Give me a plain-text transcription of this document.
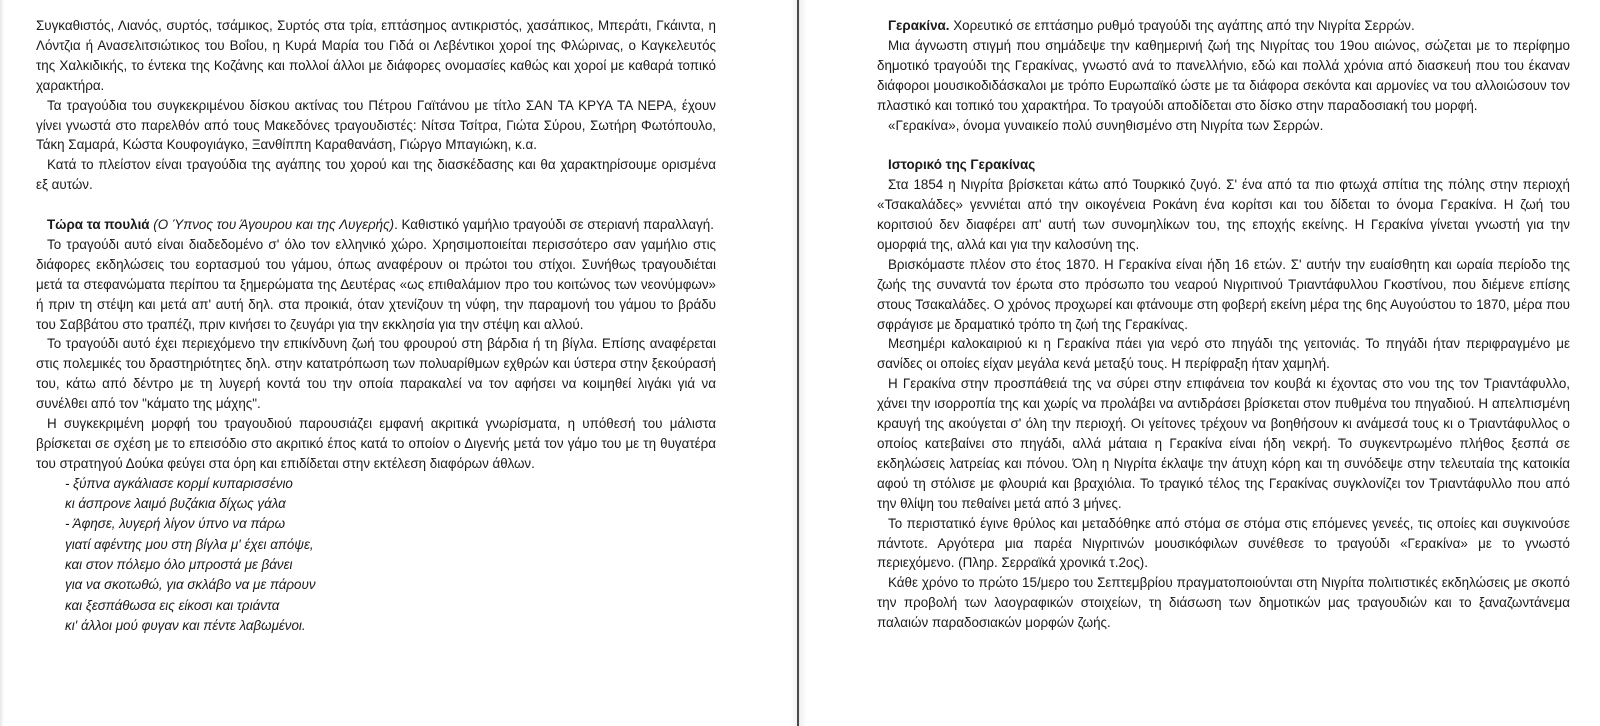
Συγκαθιστός, Λιανός, συρτός, τσάμικος, Συρτός στα τρία, επτάσημος αντικριστός, χασάπικος, Μπεράτι, Γκάιντα, η Λόντζια ή Ανασελιτσιώτικος του Βοΐου, η Κυρά Μαρία του Γιδά οι Λεβέντικοι χοροί της Φλώρινας, ο Καγκελευτός της Χαλκιδικής, το έντεκα της Κοζάνης και πολλοί άλλοι με διάφορες ονομασίες καθώς και χοροί με καθαρά τοπικό χαρακτήρα.

Τα τραγούδια του συγκεκριμένου δίσκου ακτίνας του Πέτρου Γαϊτάνου με τίτλο ΣΑΝ ΤΑ ΚΡΥΑ ΤΑ ΝΕΡΑ, έχουν γίνει γνωστά στο παρελθόν από τους Μακεδόνες τραγουδιστές: Νίτσα Τσίτρα, Γιώτα Σύρου, Σωτήρη Φωτόπουλο, Τάκη Σαμαρά, Κώστα Κουφογιάγκο, Ξανθίππη Καραθανάση, Γιώργο Μπαγιώκη, κ.α.

Κατά το πλείστον είναι τραγούδια της αγάπης του χορού και της διασκέδασης και θα χαρακτηρίσουμε ορισμένα εξ αυτών.

Τώρα τα πουλιά (Ο Ύπνος του Άγουρου και της Λυγερής). Καθιστικό γαμήλιο τραγούδι σε στεριανή παραλλαγή.

Το τραγούδι αυτό είναι διαδεδομένο σ' όλο τον ελληνικό χώρο. Χρησιμοποιείται περισσότερο σαν γαμήλιο στις διάφορες εκδηλώσεις του εορτασμού του γάμου, όπως αναφέρουν οι πρώτοι του στίχοι. Συνήθως τραγουδιέται μετά τα στεφανώματα περίπου τα ξημερώματα της Δευτέρας «ως επιθαλάμιον προ του κοιτώνος των νεονύμφων» ή πριν τη στέψη και μετά απ' αυτή δηλ. στα προικιά, όταν χτενίζουν τη νύφη, την παραμονή του γάμου το βράδυ του Σαββάτου στο τραπέζι, πριν κινήσει το ζευγάρι για την εκκλησία για την στέψη και αλλού.

Το τραγούδι αυτό έχει περιεχόμενο την επικίνδυνη ζωή του φρουρού στη βάρδια ή τη βίγλα. Επίσης αναφέρεται στις πολεμικές του δραστηριότητες δηλ. στην κατατρόπωση των πολυαρίθμων εχθρών και ύστερα στην ξεκούρασή του, κάτω από δέντρο με τη λυγερή κοντά του την οποία παρακαλεί να τον αφήσει να κοιμηθεί λιγάκι γιά να συνέλθει από τον "κάματο της μάχης".

Η συγκεκριμένη μορφή του τραγουδιού παρουσιάζει εμφανή ακριτικά γνωρίσματα, η υπόθεσή του μάλιστα βρίσκεται σε σχέση με το επεισόδιο στο ακριτικό έπος κατά το οποίον ο Διγενής μετά τον γάμο του με τη θυγατέρα του στρατηγού Δούκα φεύγει στα όρη και επιδίδεται στην εκτέλεση διαφόρων άθλων.

- ξύπνα αγκάλιασε κορμί κυπαρισσένιο
κι άσπρονε λαιμό βυζάκια δίχως γάλα
- Άφησε, λυγερή λίγον ύπνο να πάρω
γιατί αφέντης μου στη βίγλα μ' έχει απόψε,
και στον πόλεμο όλο μπροστά με βάνει
για να σκοτωθώ, για σκλάβο να με πάρουν
και ξεσπάθωσα εις είκοσι και τριάντα
κι' άλλοι μού φυγαν και πέντε λαβωμένοι.

Γερακίνα. Χορευτικό σε επτάσημο ρυθμό τραγούδι της αγάπης από την Νιγρίτα Σερρών.

Μια άγνωστη στιγμή που σημάδεψε την καθημερινή ζωή της Νιγρίτας του 19ου αιώνος, σώζεται με το περίφημο δημοτικό τραγούδι της Γερακίνας, γνωστό ανά το πανελλήνιο, εδώ και πολλά χρόνια από διασκευή που του έκαναν διάφοροι μουσικοδιδάσκαλοι με τρόπο Ευρωπαϊκό ώστε με τα διάφορα σεκόντα και αρμονίες να του αλλοιώσουν τον πλαστικό και τοπικό του χαρακτήρα. Το τραγούδι αποδίδεται στο δίσκο στην παραδοσιακή του μορφή.

«Γερακίνα», όνομα γυναικείο πολύ συνηθισμένο στη Νιγρίτα των Σερρών.

Ιστορικό της Γερακίνας

Στα 1854 η Νιγρίτα βρίσκεται κάτω από Τουρκικό ζυγό. Σ' ένα από τα πιο φτωχά σπίτια της πόλης στην περιοχή «Τσακαλάδες» γεννιέται από την οικογένεια Ροκάνη ένα κορίτσι και του δίδεται το όνομα Γερακίνα. Η ζωή του κοριτσιού δεν διαφέρει απ' αυτή των συνομηλίκων του, της εποχής εκείνης. Η Γερακίνα γίνεται γνωστή για την ομορφιά της, αλλά και για την καλοσύνη της.

Βρισκόμαστε πλέον στο έτος 1870. Η Γερακίνα είναι ήδη 16 ετών. Σ' αυτήν την ευαίσθητη και ωραία περίοδο της ζωής της συναντά τον έρωτα στο πρόσωπο του νεαρού Νιγριτινού Τριαντάφυλλου Γκοστίνου, που διέμενε επίσης στους Τσακαλάδες. Ο χρόνος προχωρεί και φτάνουμε στη φοβερή εκείνη μέρα της 6ης Αυγούστου το 1870, μέρα που σφράγισε με δραματικό τρόπο τη ζωή της Γερακίνας.

Μεσημέρι καλοκαιριού κι η Γερακίνα πάει για νερό στο πηγάδι της γειτονιάς. Το πηγάδι ήταν περιφραγμένο με σανίδες οι οποίες είχαν μεγάλα κενά μεταξύ τους. Η περίφραξη ήταν χαμηλή.

Η Γερακίνα στην προσπάθειά της να σύρει στην επιφάνεια τον κουβά κι έχοντας στο νου της τον Τριαντάφυλλο, χάνει την ισορροπία της και χωρίς να προλάβει να αντιδράσει βρίσκεται στον πυθμένα του πηγαδιού. Η απελπισμένη κραυγή της ακούγεται σ' όλη την περιοχή. Οι γείτονες τρέχουν να βοηθήσουν κι ανάμεσά τους κι ο Τριαντάφυλλος ο οποίος κατεβαίνει στο πηγάδι, αλλά μάταια η Γερακίνα είναι ήδη νεκρή. Το συγκεντρωμένο πλήθος ξεσπά σε εκδηλώσεις λατρείας και πόνου. Όλη η Νιγρίτα έκλαψε την άτυχη κόρη και τη συνόδεψε στην τελευταία της κατοικία αφού τη στόλισε με φλουριά και βραχιόλια. Το τραγικό τέλος της Γερακίνας συγκλονίζει τον Τριαντάφυλλο που από την θλίψη του πεθαίνει μετά από 3 μήνες.

Το περιστατικό έγινε θρύλος και μεταδόθηκε από στόμα σε στόμα στις επόμενες γενεές, τις οποίες και συγκινούσε πάντοτε. Αργότερα μια παρέα Νιγριτινών μουσικόφιλων συνέθεσε το τραγούδι «Γερακίνα» με το γνωστό περιεχόμενο. (Πληρ. Σερραϊκά χρονικά τ.2ος).

Κάθε χρόνο το πρώτο 15/μερο του Σεπτεμβρίου πραγματοποιούνται στη Νιγρίτα πολιτιστικές εκδηλώσεις με σκοπό την προβολή των λαογραφικών στοιχείων, τη διάσωση των δημοτικών μας τραγουδιών και το ξαναζωντάνεμα παλαιών παραδοσιακών μορφών ζωής.
